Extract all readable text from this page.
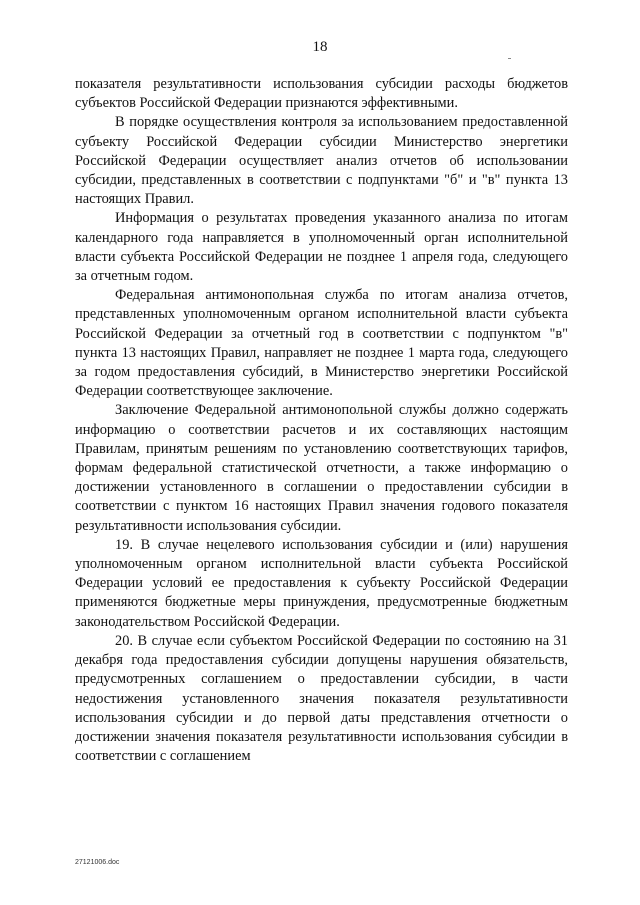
18

показателя результативности использования субсидии расходы бюджетов субъектов Российской Федерации признаются эффективными.

В порядке осуществления контроля за использованием предоставленной субъекту Российской Федерации субсидии Министерство энергетики Российской Федерации осуществляет анализ отчетов об использовании субсидии, представленных в соответствии с подпунктами "б" и "в" пункта 13 настоящих Правил.

Информация о результатах проведения указанного анализа по итогам календарного года направляется в уполномоченный орган исполнительной власти субъекта Российской Федерации не позднее 1 апреля года, следующего за отчетным годом.

Федеральная антимонопольная служба по итогам анализа отчетов, представленных уполномоченным органом исполнительной власти субъекта Российской Федерации за отчетный год в соответствии с подпунктом "в" пункта 13 настоящих Правил, направляет не позднее 1 марта года, следующего за годом предоставления субсидий, в Министерство энергетики Российской Федерации соответствующее заключение.

Заключение Федеральной антимонопольной службы должно содержать информацию о соответствии расчетов и их составляющих настоящим Правилам, принятым решениям по установлению соответствующих тарифов, формам федеральной статистической отчетности, а также информацию о достижении установленного в соглашении о предоставлении субсидии в соответствии с пунктом 16 настоящих Правил значения годового показателя результативности использования субсидии.

19. В случае нецелевого использования субсидии и (или) нарушения уполномоченным органом исполнительной власти субъекта Российской Федерации условий ее предоставления к субъекту Российской Федерации применяются бюджетные меры принуждения, предусмотренные бюджетным законодательством Российской Федерации.

20. В случае если субъектом Российской Федерации по состоянию на 31 декабря года предоставления субсидии допущены нарушения обязательств, предусмотренных соглашением о предоставлении субсидии, в части недостижения установленного значения показателя результативности использования субсидии и до первой даты представления отчетности о достижении значения показателя результативности использования субсидии в соответствии с соглашением

27121006.doc
